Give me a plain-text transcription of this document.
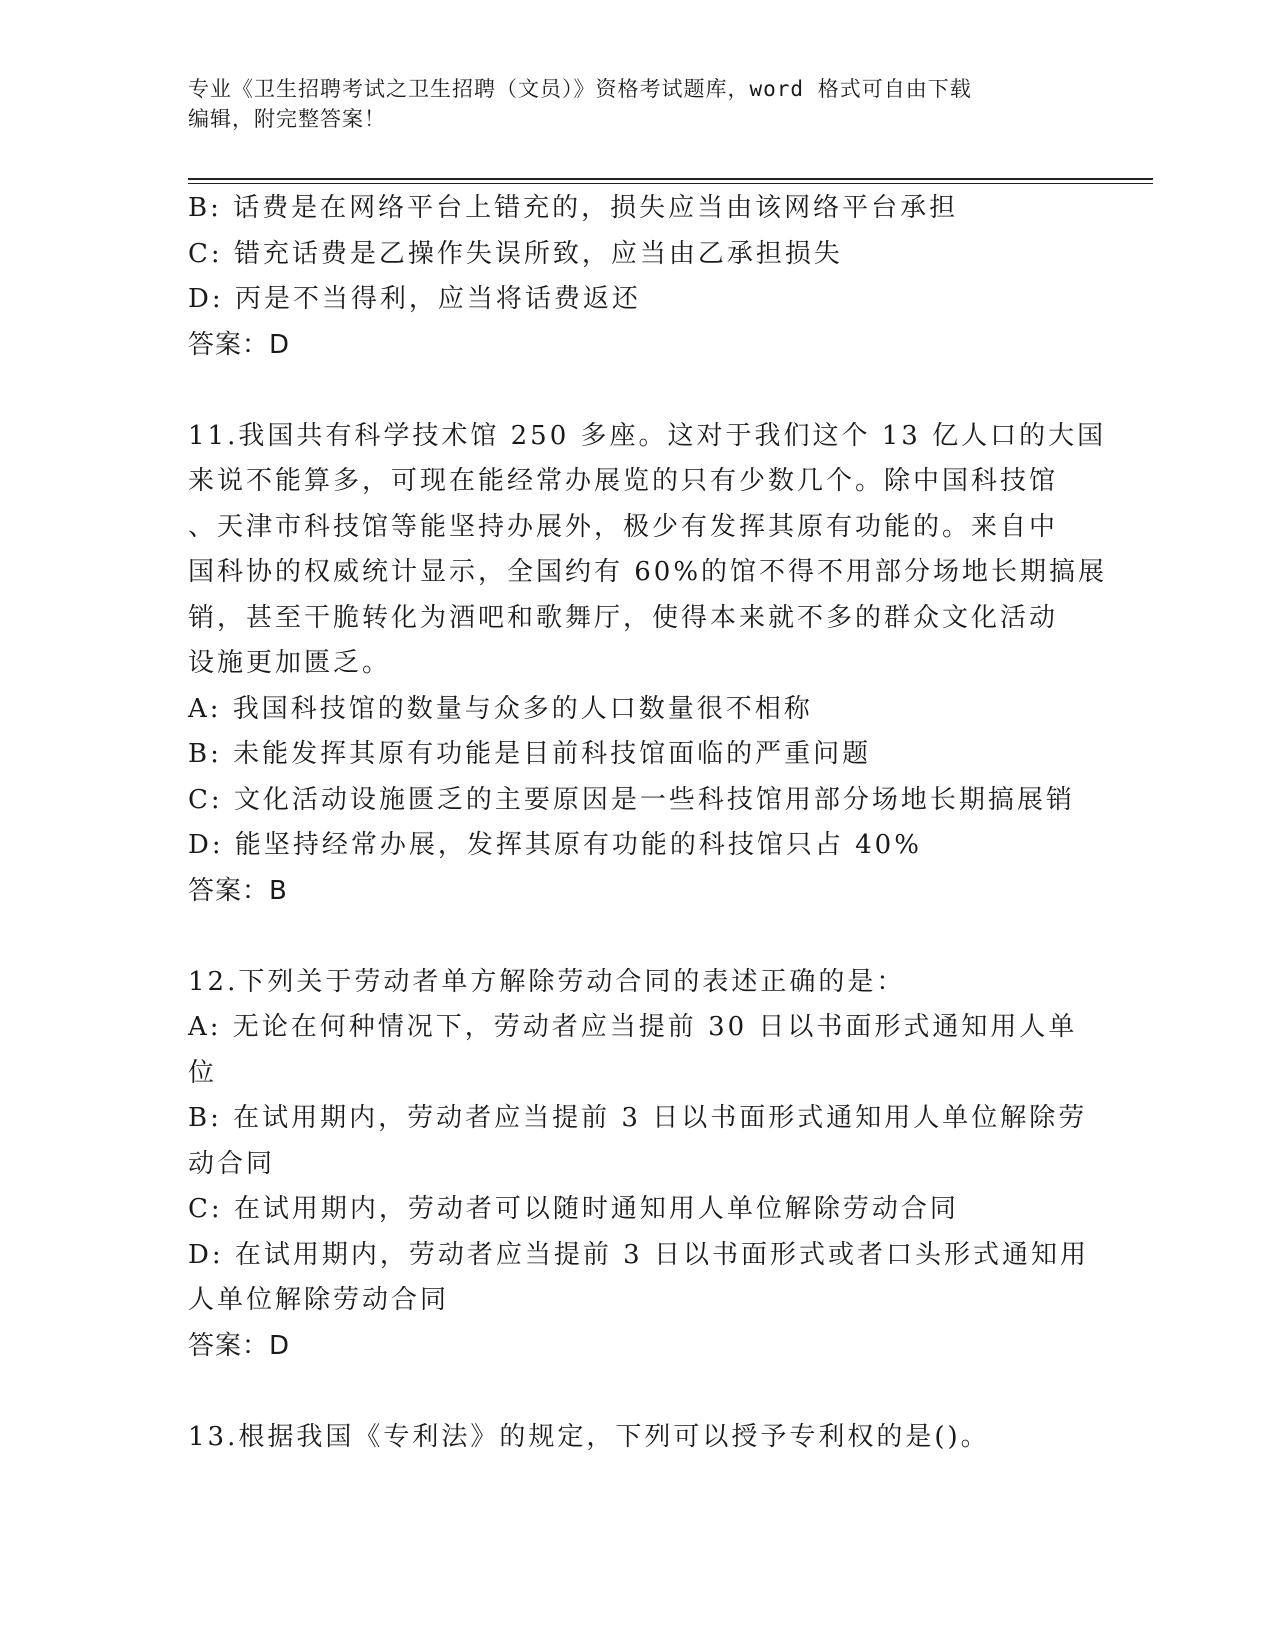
专业《卫生招聘考试之卫生招聘（文员）》资格考试题库，word 格式可自由下载
编辑，附完整答案！
B: 话费是在网络平台上错充的，损失应当由该网络平台承担
C: 错充话费是乙操作失误所致，应当由乙承担损失
D: 丙是不当得利，应当将话费返还
答案：D
11.我国共有科学技术馆 250 多座。这对于我们这个 13 亿人口的大国
来说不能算多，可现在能经常办展览的只有少数几个。除中国科技馆
、天津市科技馆等能坚持办展外，极少有发挥其原有功能的。来自中
国科协的权威统计显示，全国约有 60%的馆不得不用部分场地长期搞展
销，甚至干脆转化为酒吧和歌舞厅，使得本来就不多的群众文化活动
设施更加匮乏。
A: 我国科技馆的数量与众多的人口数量很不相称
B: 未能发挥其原有功能是目前科技馆面临的严重问题
C: 文化活动设施匮乏的主要原因是一些科技馆用部分场地长期搞展销
D: 能坚持经常办展，发挥其原有功能的科技馆只占 40%
答案：B
12.下列关于劳动者单方解除劳动合同的表述正确的是：
A: 无论在何种情况下，劳动者应当提前 30 日以书面形式通知用人单
位
B: 在试用期内，劳动者应当提前 3 日以书面形式通知用人单位解除劳
动合同
C: 在试用期内，劳动者可以随时通知用人单位解除劳动合同
D: 在试用期内，劳动者应当提前 3 日以书面形式或者口头形式通知用
人单位解除劳动合同
答案：D
13.根据我国《专利法》的规定，下列可以授予专利权的是()。
